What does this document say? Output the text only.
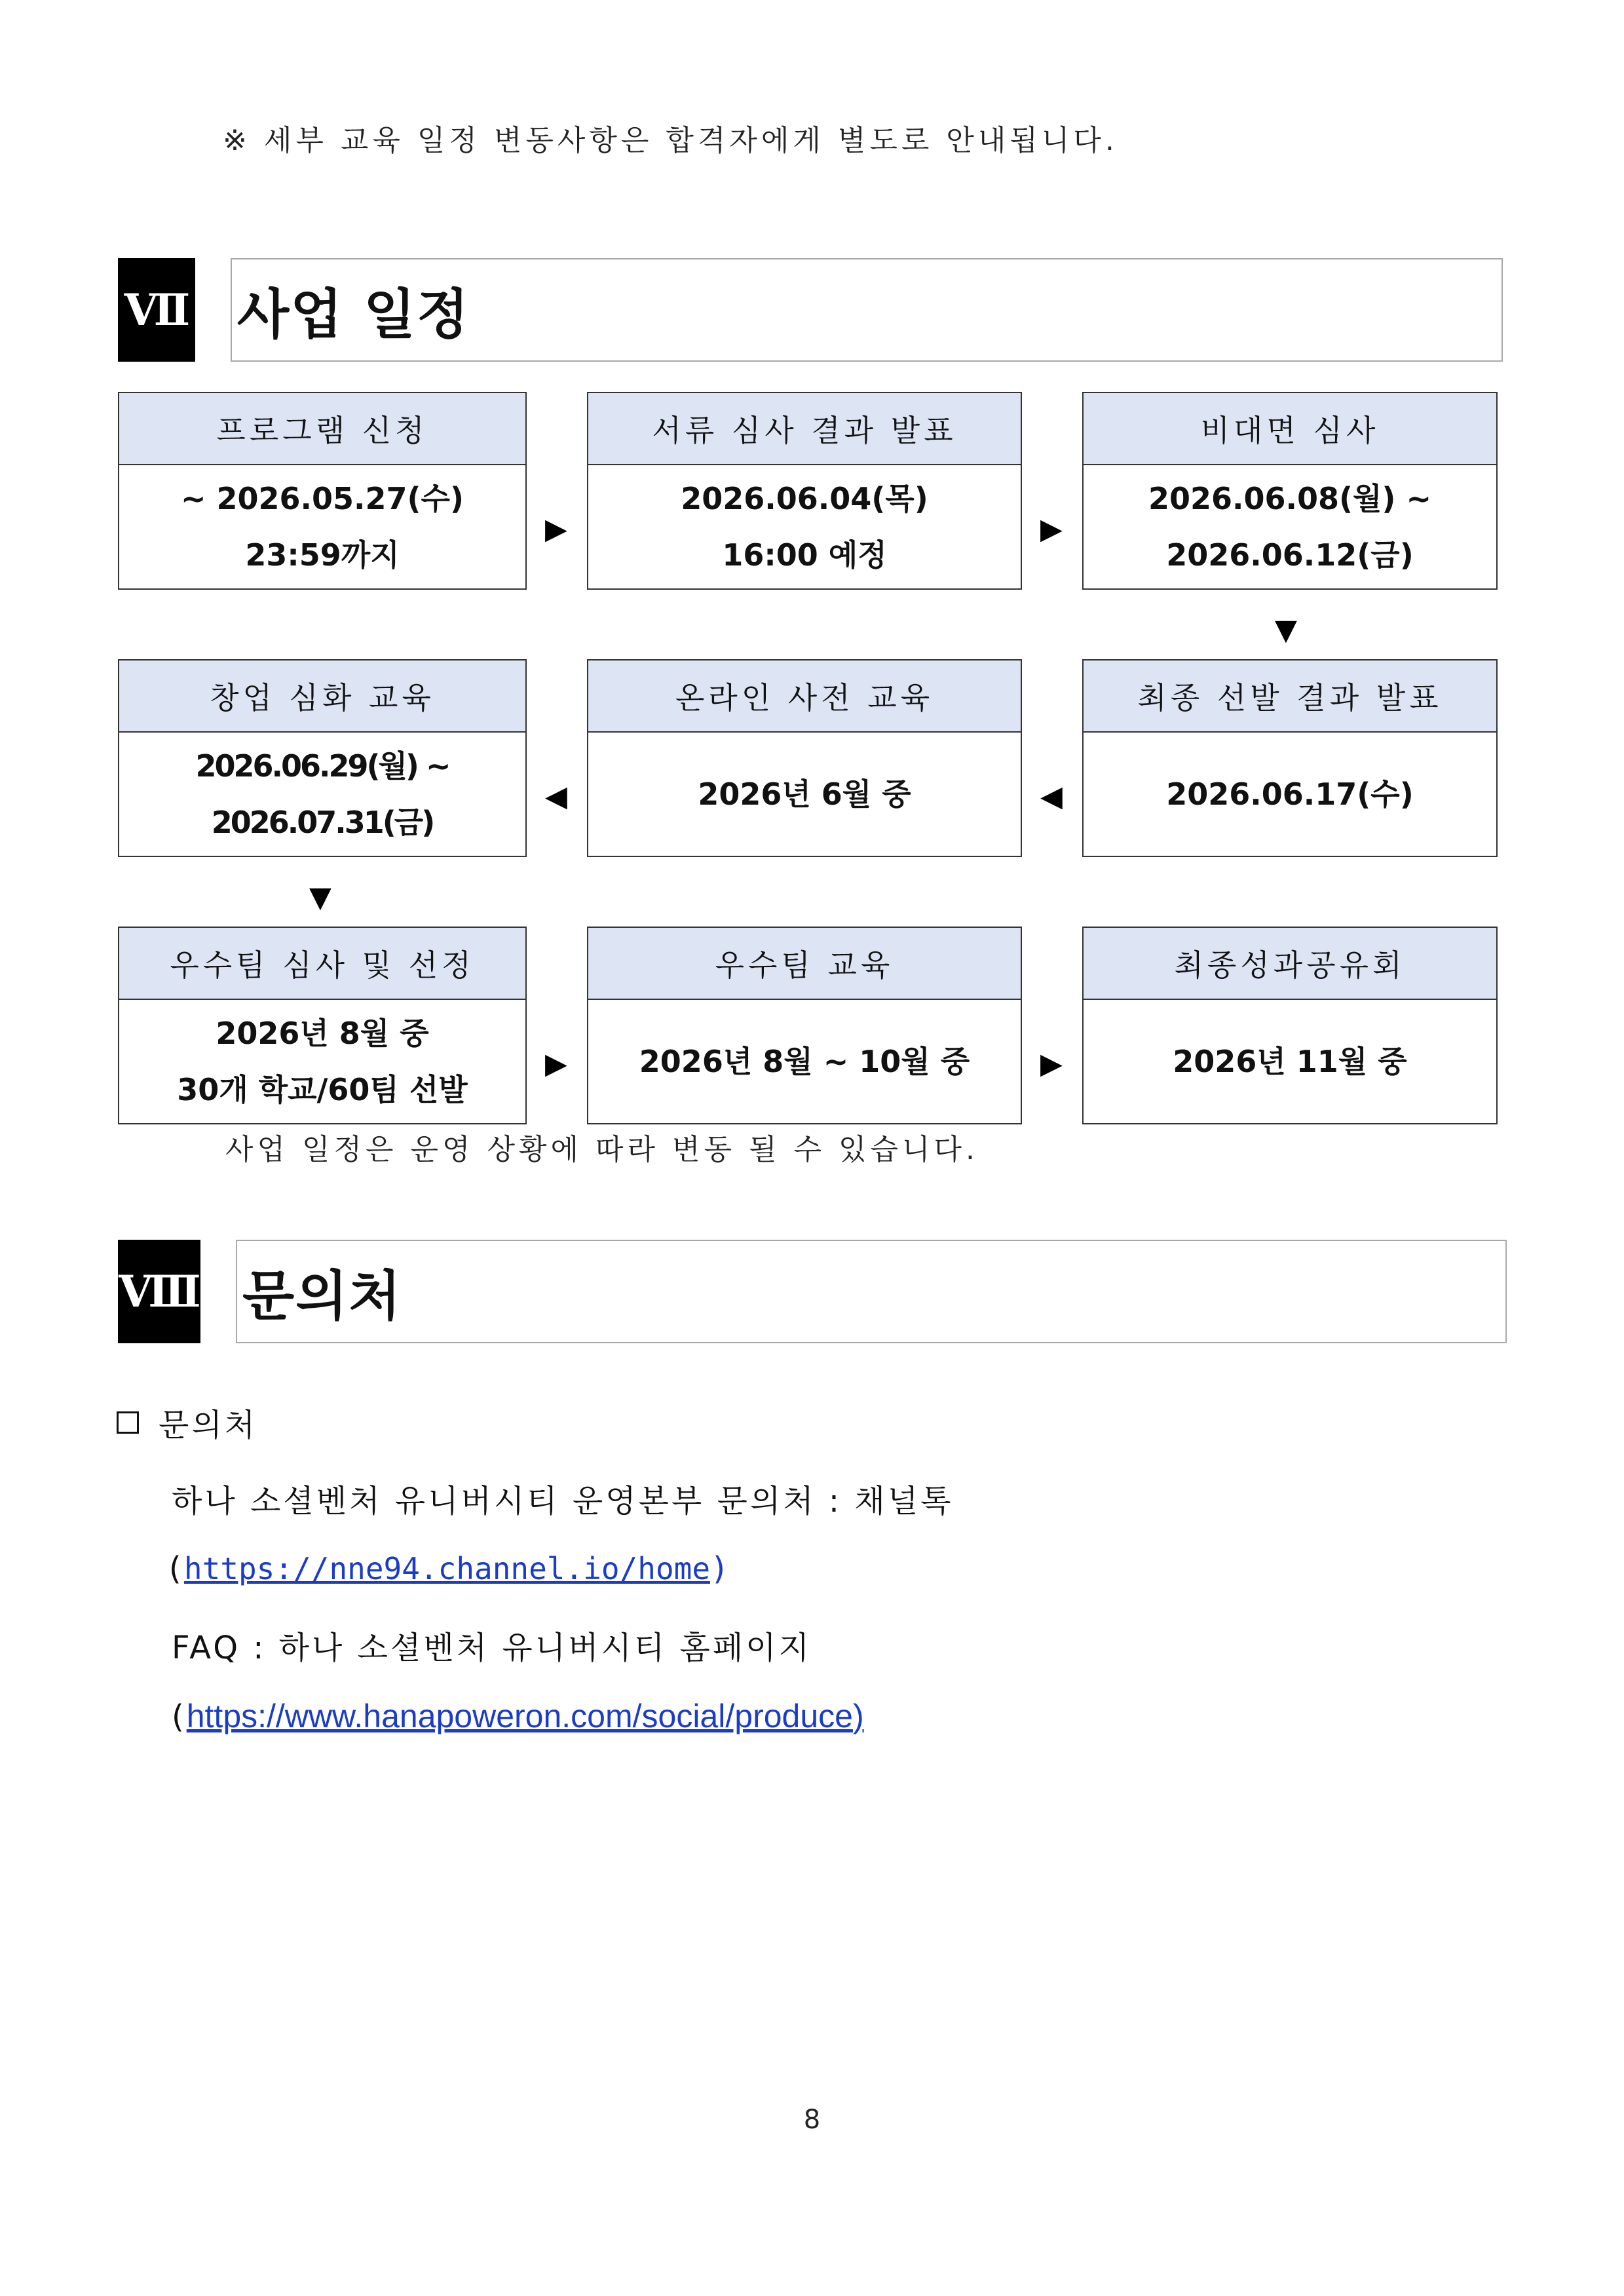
※ 세부 교육 일정 변동사항은 합격자에게 별도로 안내됩니다.
Ⅶ 사업 일정
프로그램 신청
~ 2026.05.27(수)
23:59까지
▶
서류 심사 결과 발표
2026.06.04(목)
16:00 예정
▶
비대면 심사
2026.06.08(월) ~
2026.06.12(금)
▼
창업 심화 교육
2026.06.29(월) ~
2026.07.31(금)
◀
온라인 사전 교육
2026년 6월 중	◀
최종 선발 결과 발표
2026.06.17(수)
▼
우수팀 심사 및 선정
2026년 8월 중
30개 학교/60팀 선발
▶
우수팀 교육
2026년 8월 ~ 10월 중 ▶
최종성과공유회
2026년 11월 중
사업 일정은 운영 상황에 따라 변동 될 수 있습니다.
Ⅷ 문의처
문의처
하나 소셜벤처 유니버시티 운영본부 문의처 : 채널톡
(https://nne94.channel.io/home)
FAQ : 하나 소셜벤처 유니버시티 홈페이지
(https://www.hanapoweron.com/social/produce)
8
